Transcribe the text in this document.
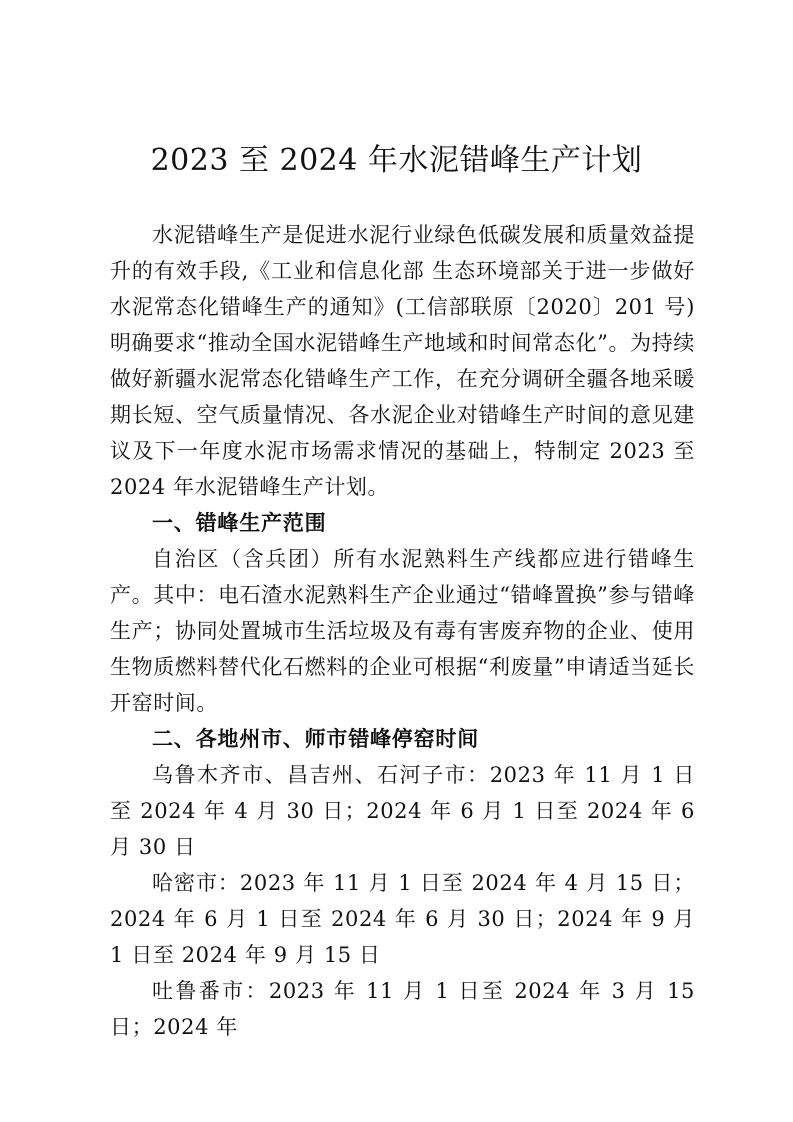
2023 至 2024 年水泥错峰生产计划

水泥错峰生产是促进水泥行业绿色低碳发展和质量效益提升的有效手段,《工业和信息化部 生态环境部关于进一步做好水泥常态化错峰生产的通知》(工信部联原〔2020〕201 号)明确要求“推动全国水泥错峰生产地域和时间常态化”。为持续做好新疆水泥常态化错峰生产工作，在充分调研全疆各地采暖期长短、空气质量情况、各水泥企业对错峰生产时间的意见建议及下一年度水泥市场需求情况的基础上，特制定 2023 至 2024 年水泥错峰生产计划。

一、错峰生产范围

自治区（含兵团）所有水泥熟料生产线都应进行错峰生产。其中：电石渣水泥熟料生产企业通过“错峰置换”参与错峰生产；协同处置城市生活垃圾及有毒有害废弃物的企业、使用生物质燃料替代化石燃料的企业可根据“利废量”申请适当延长开窑时间。

二、各地州市、师市错峰停窑时间

乌鲁木齐市、昌吉州、石河子市：2023 年 11 月 1 日至 2024 年 4 月 30 日；2024 年 6 月 1 日至 2024 年 6 月 30 日

哈密市：2023 年 11 月 1 日至 2024 年 4 月 15 日；2024 年 6 月 1 日至 2024 年 6 月 30 日；2024 年 9 月 1 日至 2024 年 9 月 15 日

吐鲁番市：2023 年 11 月 1 日至 2024 年 3 月 15 日；2024 年
